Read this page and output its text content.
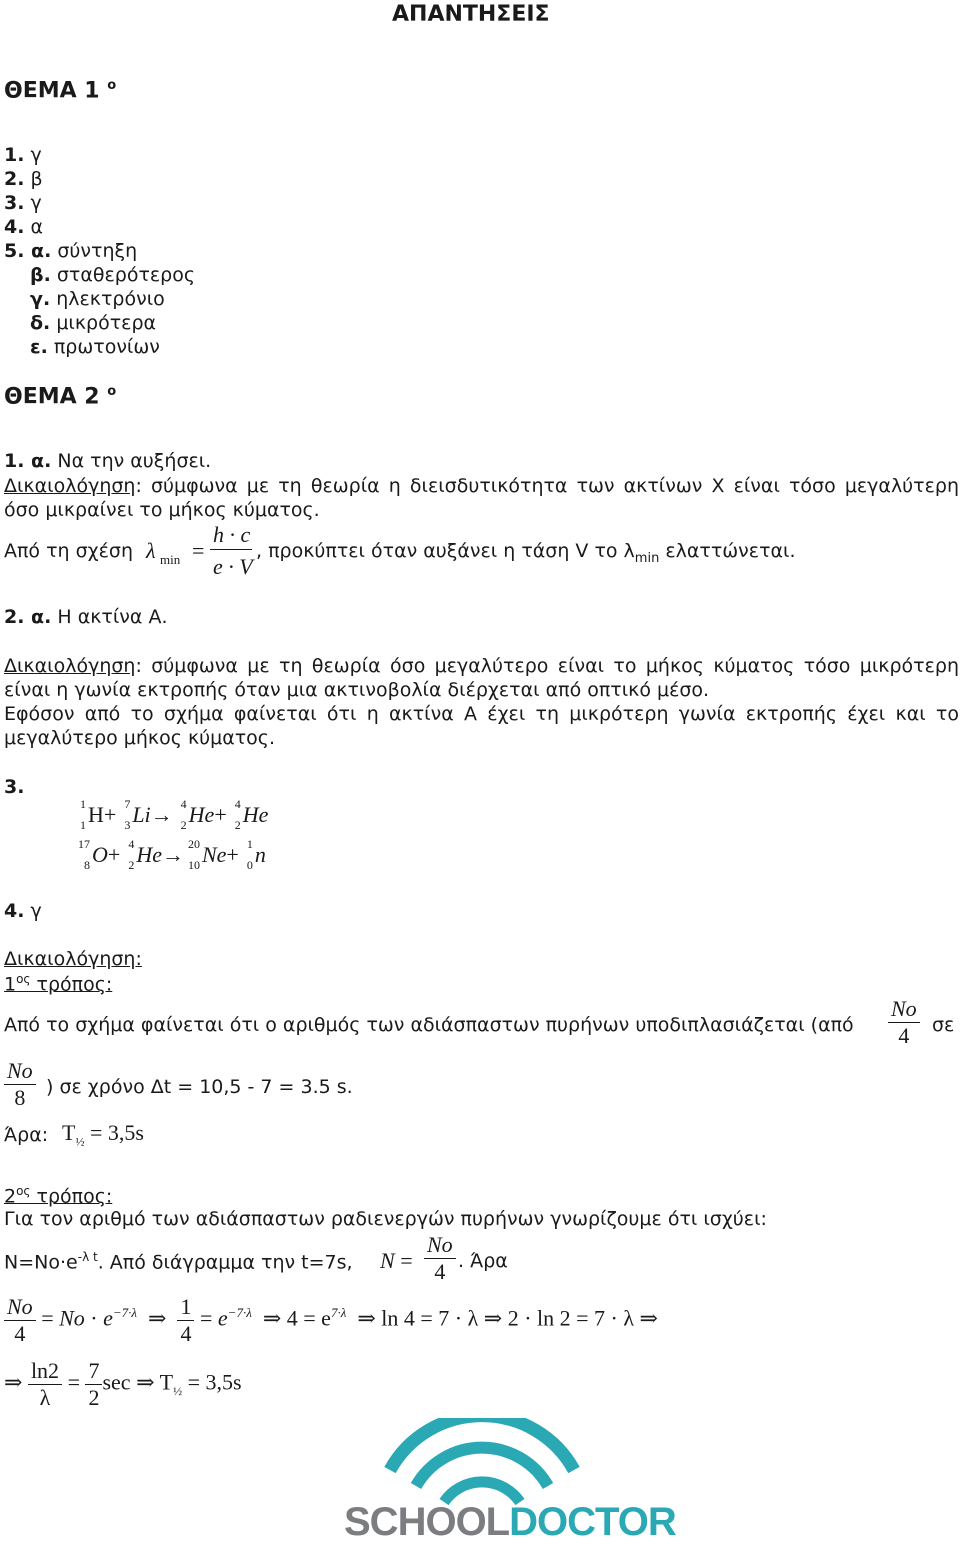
ΑΠΑΝΤΗΣΕΙΣ
ΘΕΜΑ 1 $^o$
1. γ
2. β
3. γ
4. α
5. α. σύντηξη
β. σταθερότερος
γ. ηλεκτρόνιο
δ. μικρότερα
ε. πρωτονίων
ΘΕΜΑ 2 $^o$
1. α. Να την αυξήσει.
Δικαιολόγηση: σύμφωνα με τη θεωρία η διεισδυτικότητα των ακτίνων Χ είναι τόσο μεγαλύτερη όσο μικραίνει το μήκος κύματος.
Από τη σχέση λ min =
h · c
e · V
, προκύπτει όταν αυξάνει η τάση V το $\lambda_{min}$ ελαττώνεται.
2. α. Η ακτίνα Α.
Δικαιολόγηση: σύμφωνα με τη θεωρία όσο μεγαλύτερο είναι το μήκος κύματος τόσο μικρότερη είναι η γωνία εκτροπής όταν μια ακτινοβολία διέρχεται από οπτικό μέσο.
Εφόσον από το σχήμα φαίνεται ότι η ακτίνα Α έχει τη μικρότερη γωνία εκτροπής έχει και το μεγαλύτερο μήκος κύματος.
3.
1
1 H+ 7
3 Li→ 4
2 He+ 4
2 He
17
8 O+ 4
2 He→ 20
10 Ne+ 1
0 n
4. γ
Δικαιολόγηση:
$1^{o\varsigma}$ τρόπος:
Από το σχήμα φαίνεται ότι ο αριθμός των αδιάσπαστων πυρήνων υποδιπλασιάζεται ($\alpha\pi ό \frac{No}{4}$ σε
$\frac{No}{8}$ ) σε χρόνο Δt = 10,5 - 7 = 3.5 s.
Άρα: $T_{\frac{1}{2}} = 3,5s$
$2^{o\varsigma}$ τρόπος:
Για τον αριθμό των αδιάσπαστων ραδιενεργών πυρήνων γνωρίζουμε ότι ισχύει:
$N=No\cdot e^{-\lambda t}$. Από διάγραμμα την t=7s, $N = \frac{No}{4}$ . Άρα
$\frac{No}{4} = No \cdot e^{-7\cdot\lambda}$  ⇒ $\frac{1}{4} = e^{-7\cdot\lambda}$ ⇒ $4 = e^{7\cdot\lambda}$ ⇒ ln 4 = 7 · λ ⇒ 2 · ln 2 = 7 · λ ⇒
⇒ $\frac{\ln 2}{\lambda} = \frac{7}{2}$ sec ⇒ $T_{\frac{1}{2}} = 3,5s$
SCHOOLDOCTOR
